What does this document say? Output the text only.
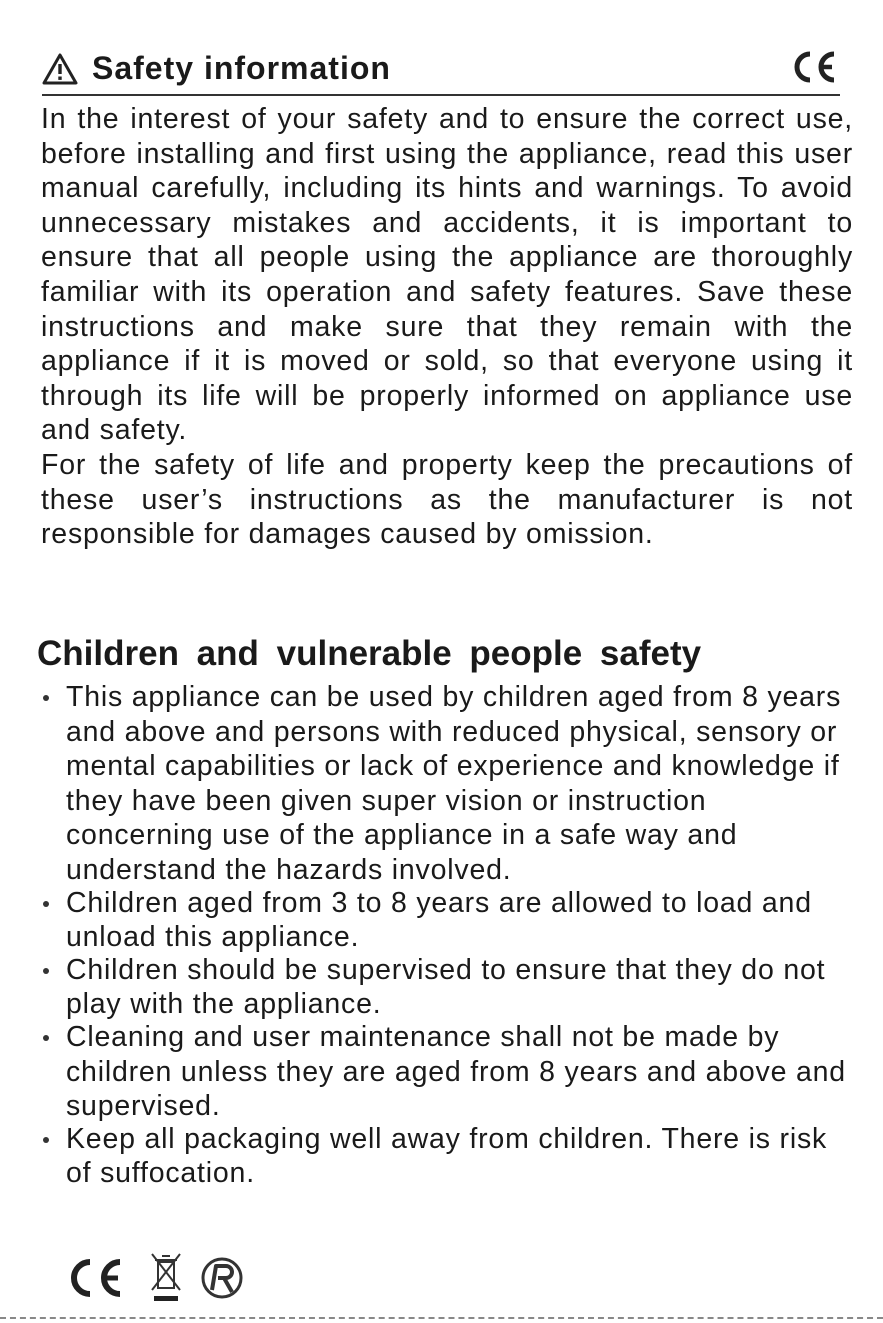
Safety information

In the interest of your safety and to ensure the correct use, before installing and first using the appliance, read this user manual carefully, including its hints and warnings. To avoid unnecessary mistakes and accidents, it is important to ensure that all people using the appliance are thoroughly familiar with its operation and safety features. Save these instructions and make sure that they remain with the appliance if it is moved or sold, so that everyone using it through its life will be properly informed on appliance use and safety.

For the safety of life and property keep the precautions of these user’s instructions as the manufacturer is not responsible for damages caused by omission.

Children and vulnerable people safety
This appliance can be used by children aged from 8 years and above and persons with reduced physical, sensory or mental capabilities or lack of experience and knowledge if they have been given super vision or instruction concerning use of the appliance in a safe way and understand the hazards involved.
Children aged from 3 to 8 years are allowed to load and unload this appliance.
Children should be supervised to ensure that they do not play with the appliance.
Cleaning and user maintenance shall not be made by children unless they are aged from 8 years and above and supervised.
Keep all packaging well away from children. There is risk of suffocation.
